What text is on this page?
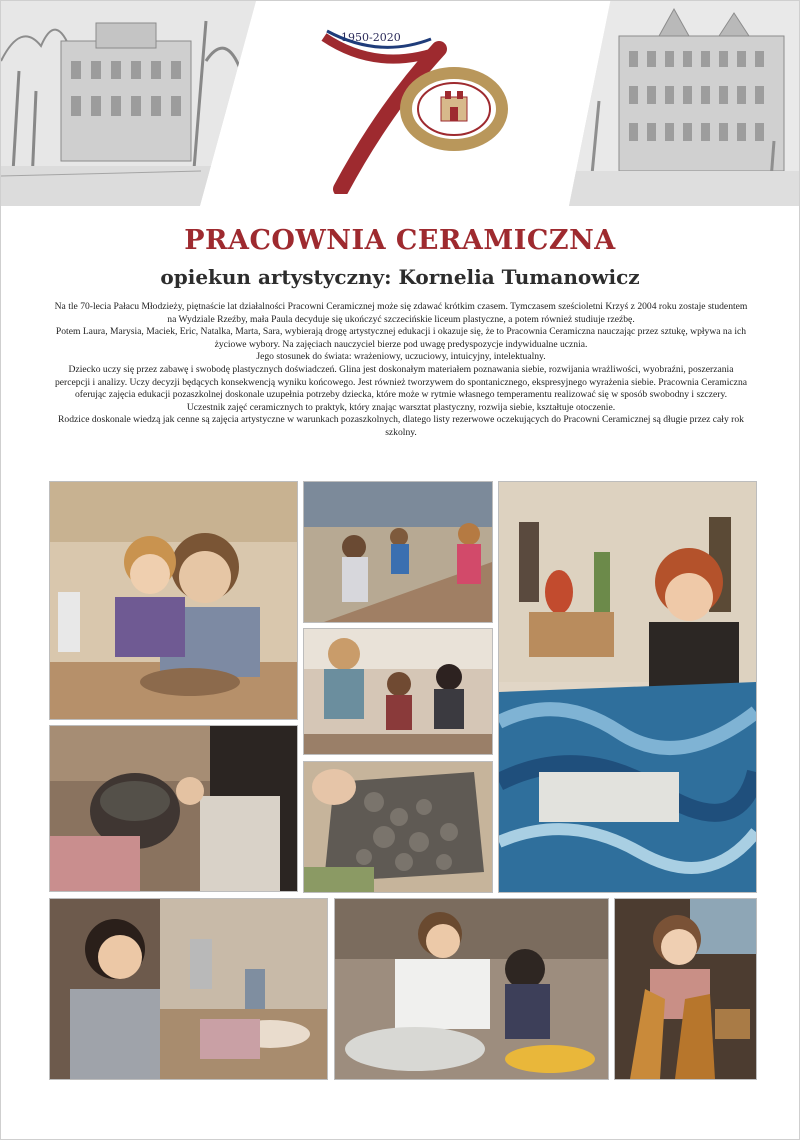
1950-2020
PRACOWNIA CERAMICZNA
opiekun artystyczny: Kornelia Tumanowicz

Na tle 70-lecia Pałacu Młodzieży, piętnaście lat działalności Pracowni Ceramicznej może się zdawać krótkim czasem. Tymczasem sześcioletni Krzyś z 2004 roku zostaje studentem na Wydziale Rzeźby, mała Paula decyduje się ukończyć szczecińskie liceum plastyczne, a potem również studiuje rzeźbę.

Potem Laura, Marysia, Maciek, Eric, Natalka, Marta, Sara, wybierają drogę artystycznej edukacji i okazuje się, że to Pracownia Ceramiczna nauczając przez sztukę, wpływa na ich życiowe wybory. Na zajęciach nauczyciel bierze pod uwagę predyspozycje indywidualne ucznia.

Jego stosunek do świata: wrażeniowy, uczuciowy, intuicyjny, intelektualny.

Dziecko uczy się przez zabawę i swobodę plastycznych doświadczeń. Glina jest doskonałym materiałem poznawania siebie, rozwijania wrażliwości, wyobraźni, poszerzania percepcji i analizy. Uczy decyzji będących konsekwencją wyniku końcowego. Jest również tworzywem do spontanicznego, ekspresyjnego wyrażenia siebie. Pracownia Ceramiczna oferując zajęcia edukacji pozaszkolnej doskonale uzupełnia potrzeby dziecka, które może w rytmie własnego temperamentu realizować się w sposób swobodny i szczery.

Uczestnik zajęć ceramicznych to praktyk, który znając warsztat plastyczny, rozwija siebie, kształtuje otoczenie.

Rodzice doskonale wiedzą jak cenne są zajęcia artystyczne w warunkach pozaszkolnych, dlatego listy rezerwowe oczekujących do Pracowni Ceramicznej są długie przez cały rok szkolny.
